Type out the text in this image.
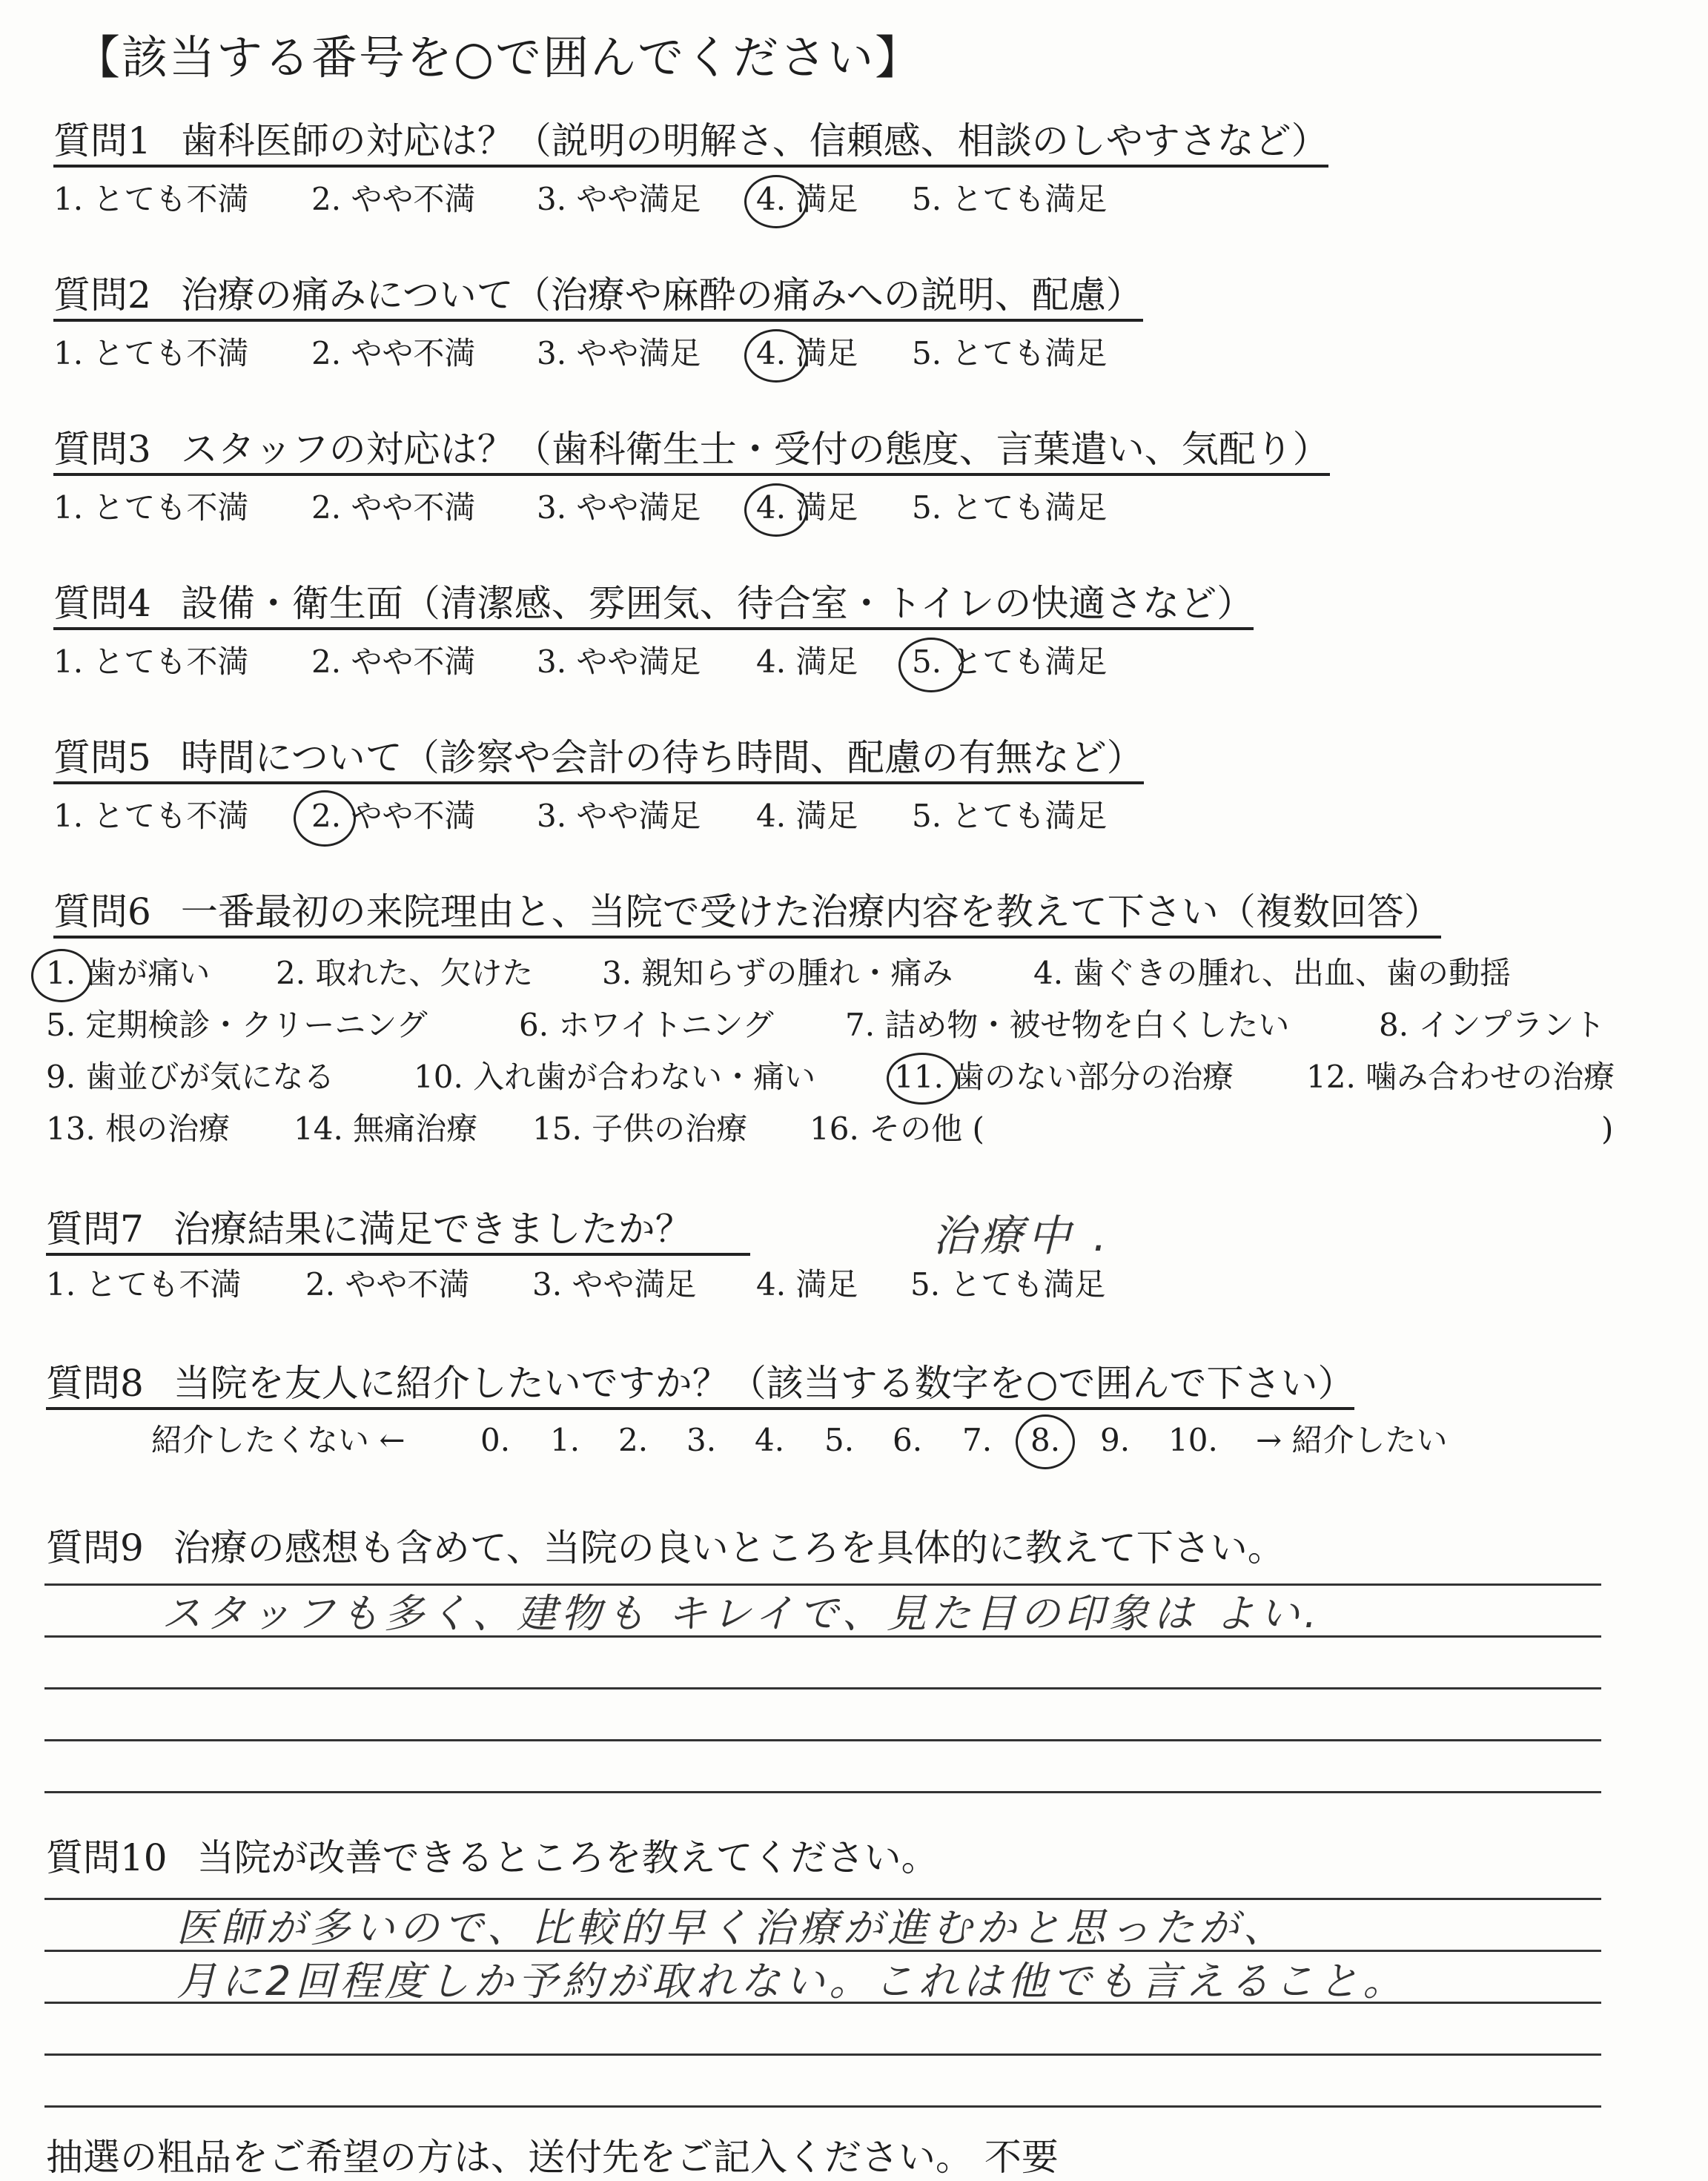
【該当する番号を○で囲んでください】
質問1 歯科医師の対応は？（説明の明解さ、信頼感、相談のしやすさなど）
1. とても不満 2. やや不満 3. やや満足 4. 満足 5. とても満足
質問2 治療の痛みについて（治療や麻酔の痛みへの説明、配慮）
1. とても不満 2. やや不満 3. やや満足 4. 満足 5. とても満足
質問3 スタッフの対応は？（歯科衛生士・受付の態度、言葉遣い、気配り）
1. とても不満 2. やや不満 3. やや満足 4. 満足 5. とても満足
質問4 設備・衛生面（清潔感、雰囲気、待合室・トイレの快適さなど）
1. とても不満 2. やや不満 3. やや満足 4. 満足 5. とても満足
質問5 時間について（診察や会計の待ち時間、配慮の有無など）
1. とても不満 2. やや不満 3. やや満足 4. 満足 5. とても満足
質問6 一番最初の来院理由と、当院で受けた治療内容を教えて下さい（複数回答）
1. 歯が痛い 2. 取れた、欠けた 3. 親知らずの腫れ・痛み	4. 歯ぐきの腫れ、出血、歯の動揺
5. 定期検診・クリーニング	6. ホワイトニング 7. 詰め物・被せ物を白くしたい	8. インプラント
9. 歯並びが気になる	10. 入れ歯が合わない・痛い	11. 歯のない部分の治療 12. 噛み合わせの治療
13. 根の治療 14. 無痛治療 15. 子供の治療 16. その他 (	)
質問7 治療結果に満足できましたか？	治療中 .
1. とても不満 2. やや不満 3. やや満足 4. 満足 5. とても満足
質問8 当院を友人に紹介したいですか？（該当する数字を○で囲んで下さい）
紹介したくない ← 0. 1. 2. 3. 4. 5. 6. 7. 8. 9. 10. → 紹介したい
質問9 治療の感想も含めて、当院の良いところを具体的に教えて下さい。
スタッフも多く、建物も キレイで、見た目の印象は よい.
質問10 当院が改善できるところを教えてください。
医師が多いので、比較的早く治療が進むかと思ったが、
月に2回程度しか予約が取れない。これは他でも言えること。
抽選の粗品をご希望の方は、送付先をご記入ください。 不要
